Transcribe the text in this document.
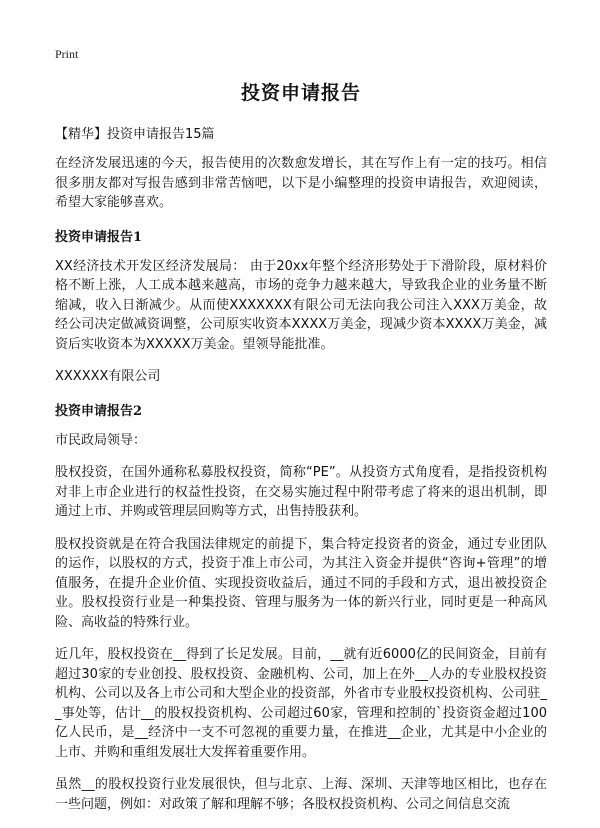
Print
投资申请报告
【精华】投资申请报告15篇

在经济发展迅速的今天，报告使用的次数愈发增长，其在写作上有一定的技巧。相信很多朋友都对写报告感到非常苦恼吧，以下是小编整理的投资申请报告，欢迎阅读，希望大家能够喜欢。

投资申请报告1

XX经济技术开发区经济发展局： 由于20xx年整个经济形势处于下滑阶段，原材料价格不断上涨，人工成本越来越高，市场的竞争力越来越大，导致我企业的业务量不断缩减，收入日渐减少。从而使XXXXXXX有限公司无法向我公司注入XXX万美金，故经公司决定做减资调整，公司原实收资本XXXX万美金，现减少资本XXXX万美金，减资后实收资本为XXXXX万美金。望领导能批准。

XXXXXX有限公司

投资申请报告2

市民政局领导：

股权投资，在国外通称私募股权投资，简称“PE”。从投资方式角度看，是指投资机构对非上市企业进行的权益性投资，在交易实施过程中附带考虑了将来的退出机制，即通过上市、并购或管理层回购等方式，出售持股获利。

股权投资就是在符合我国法律规定的前提下，集合特定投资者的资金，通过专业团队的运作，以股权的方式，投资于准上市公司，为其注入资金并提供“咨询+管理”的增值服务，在提升企业价值、实现投资收益后，通过不同的手段和方式，退出被投资企业。股权投资行业是一种集投资、管理与服务为一体的新兴行业，同时更是一种高风险、高收益的特殊行业。

近几年，股权投资在__得到了长足发展。目前，__就有近6000亿的民间资金，目前有超过30家的专业创投、股权投资、金融机构、公司，加上在外__人办的专业股权投资机构、公司以及各上市公司和大型企业的投资部，外省市专业股权投资机构、公司驻__事处等，估计__的股权投资机构、公司超过60家，管理和控制的`投资资金超过100亿人民币，是__经济中一支不可忽视的重要力量，在推进__企业，尤其是中小企业的上市、并购和重组发展壮大发挥着重要作用。

虽然__的股权投资行业发展很快，但与北京、上海、深圳、天津等地区相比，也存在一些问题，例如：对政策了解和理解不够；各股权投资机构、公司之间信息交流
